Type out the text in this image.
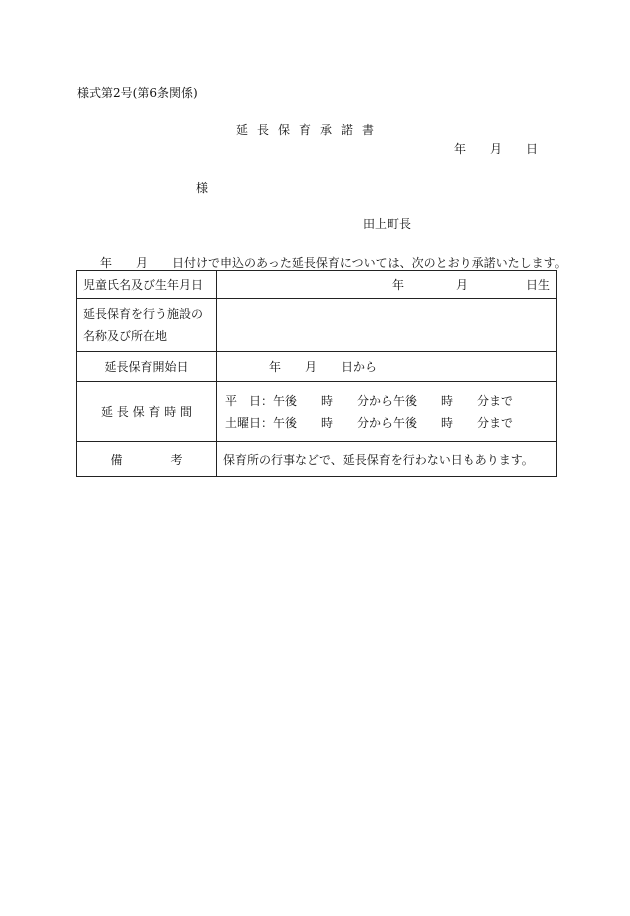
様式第2号(第6条関係)
延長保育承諾書
年　　月　　日
様
田上町長
年　　月　　日付けで申込のあった延長保育については、次のとおり承諾いたします。
児童氏名及び生年月日	年 月 日生

延長保育を行う施設の
名称及び所在地	

延長保育開始日	年　　月　　日から
延 長 保 育 時 間	平　日：午後　　時　　分から午後　　時　　分まで
土曜日：午後　　時　　分から午後　　時　　分まで

備　　　　考	保育所の行事などで、延長保育を行わない日もあります。
